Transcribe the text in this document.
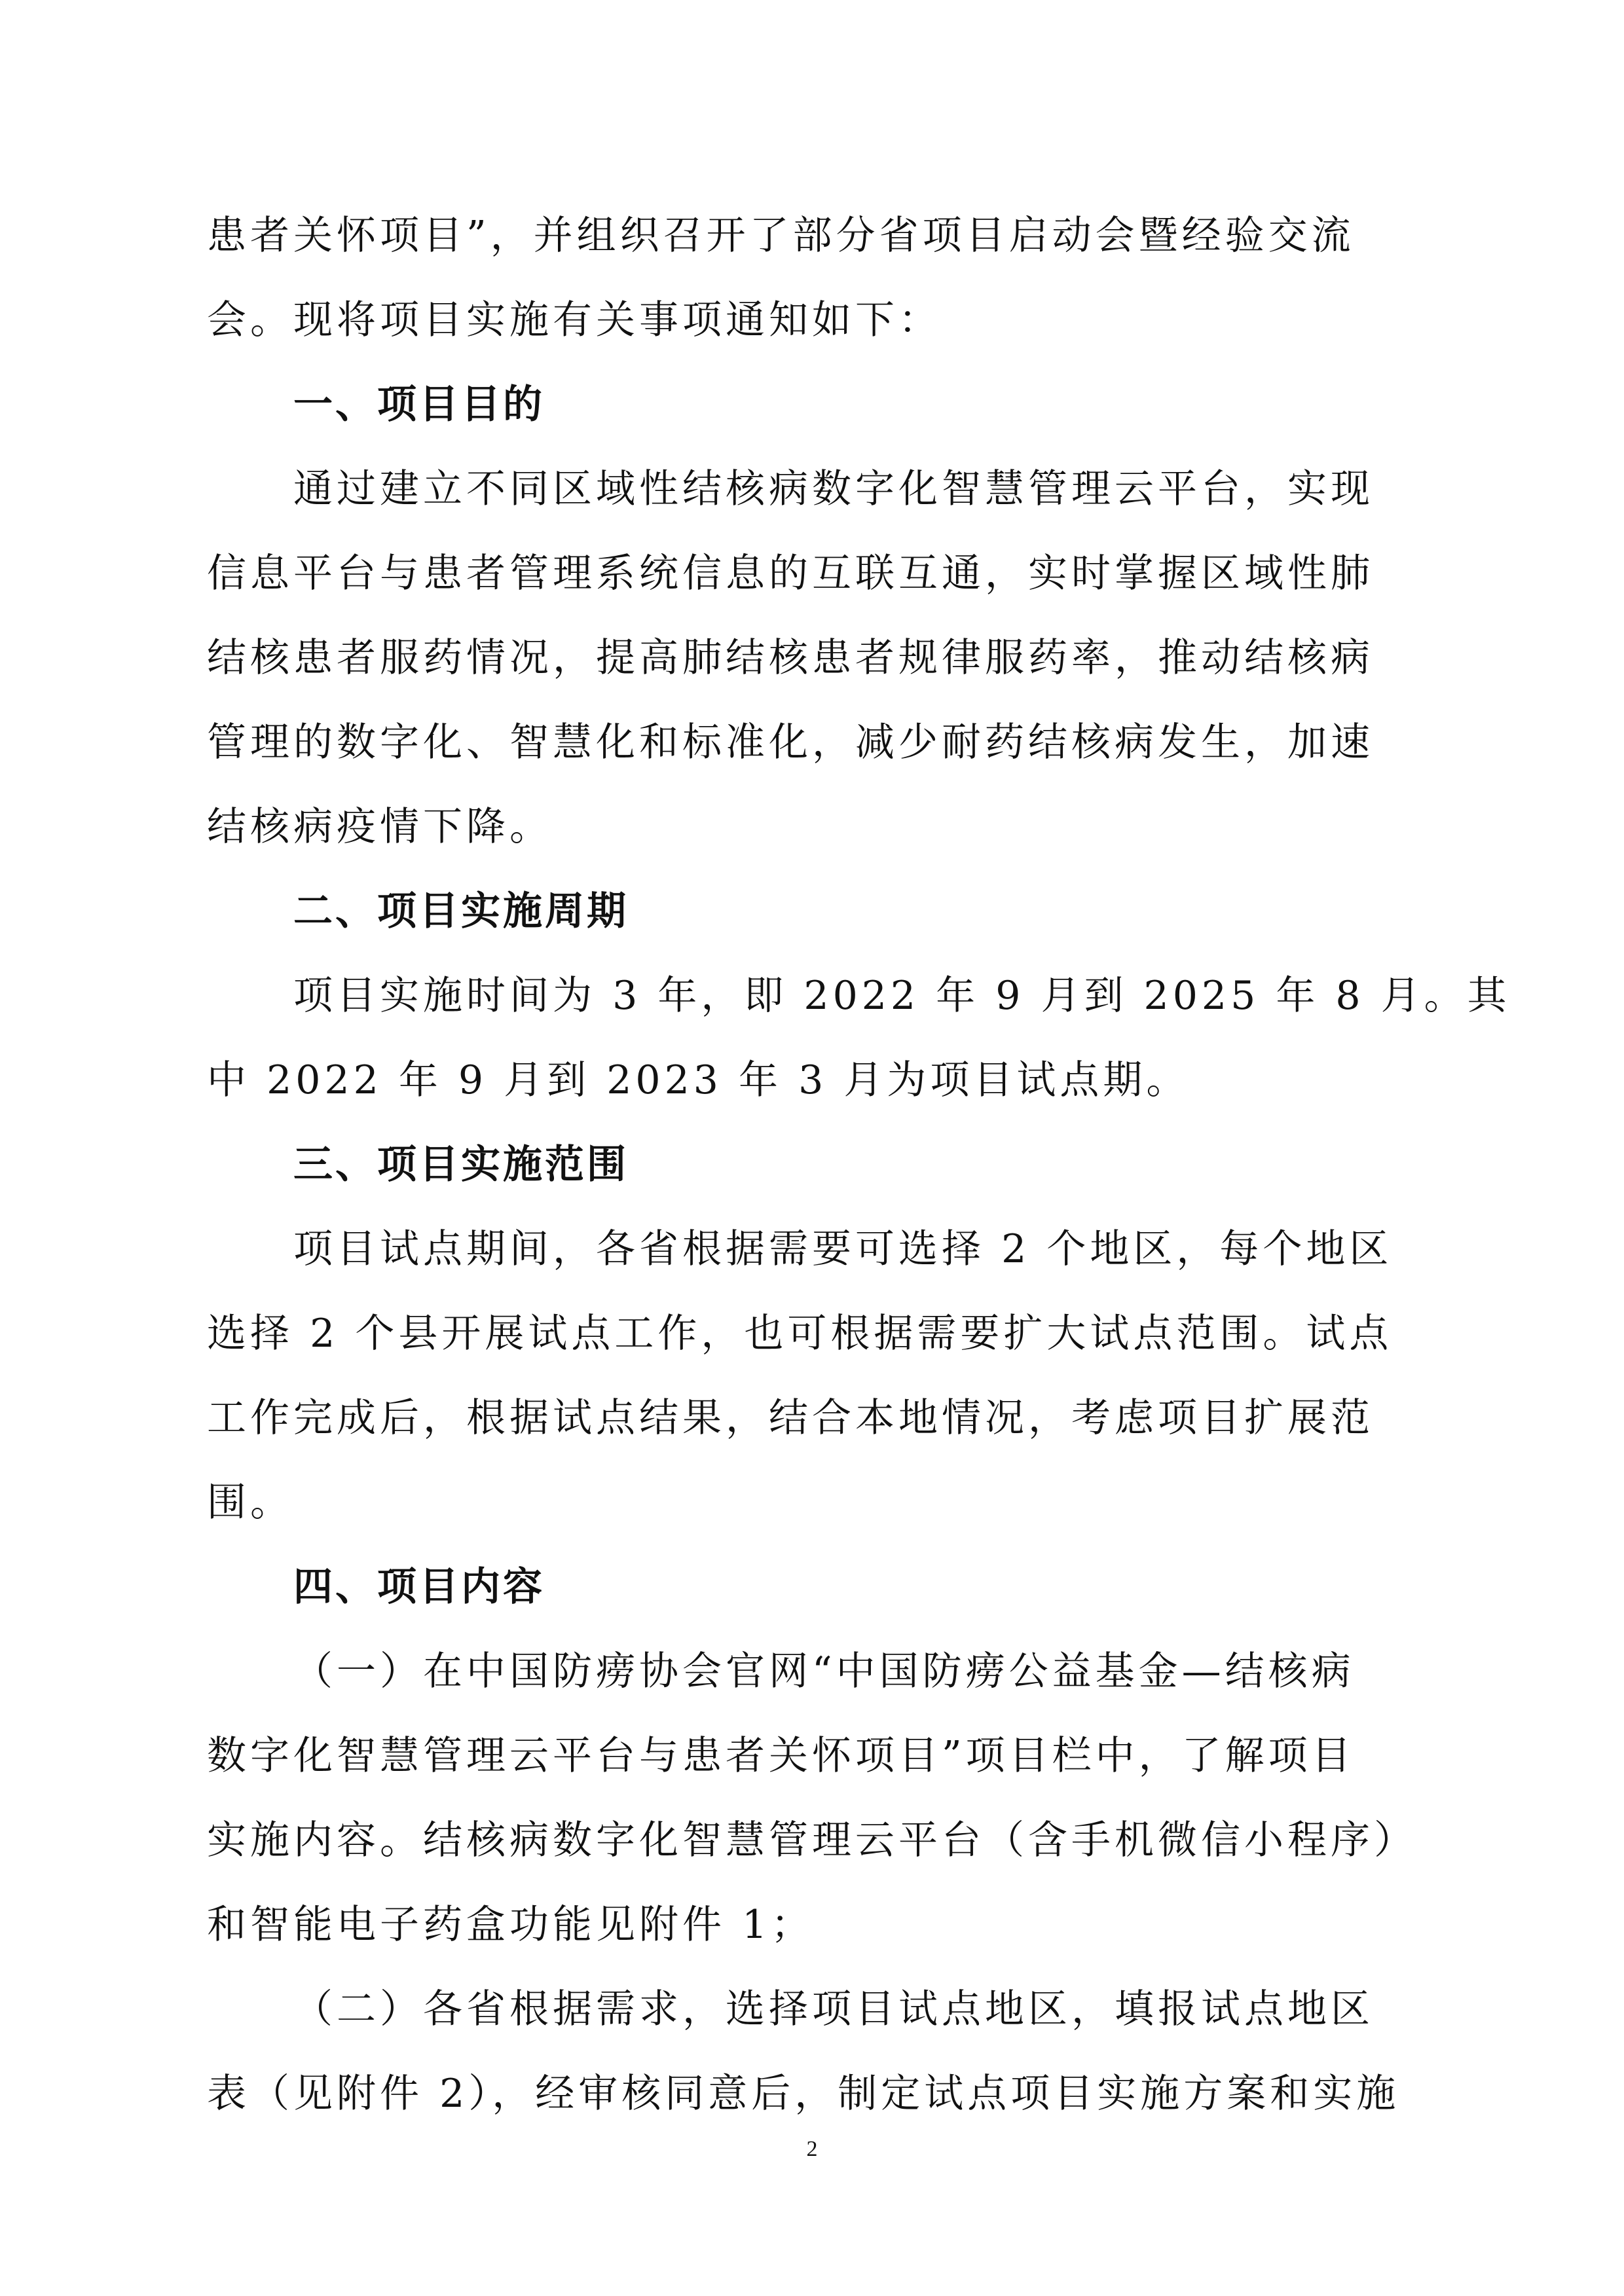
患者关怀项目”，并组织召开了部分省项目启动会暨经验交流
会。现将项目实施有关事项通知如下：
一、项目目的
通过建立不同区域性结核病数字化智慧管理云平台，实现
信息平台与患者管理系统信息的互联互通，实时掌握区域性肺
结核患者服药情况，提高肺结核患者规律服药率，推动结核病
管理的数字化、智慧化和标准化，减少耐药结核病发生，加速
结核病疫情下降。
二、项目实施周期
项目实施时间为 3 年，即 2022 年 9 月到 2025 年 8 月。其
中 2022 年 9 月到 2023 年 3 月为项目试点期。
三、项目实施范围
项目试点期间，各省根据需要可选择 2 个地区，每个地区
选择 2 个县开展试点工作，也可根据需要扩大试点范围。试点
工作完成后，根据试点结果，结合本地情况，考虑项目扩展范
围。
四、项目内容
（一）在中国防痨协会官网“中国防痨公益基金—结核病
数字化智慧管理云平台与患者关怀项目”项目栏中，了解项目
实施内容。结核病数字化智慧管理云平台（含手机微信小程序）
和智能电子药盒功能见附件 1；
（二）各省根据需求，选择项目试点地区，填报试点地区
表（见附件 2），经审核同意后，制定试点项目实施方案和实施
2
